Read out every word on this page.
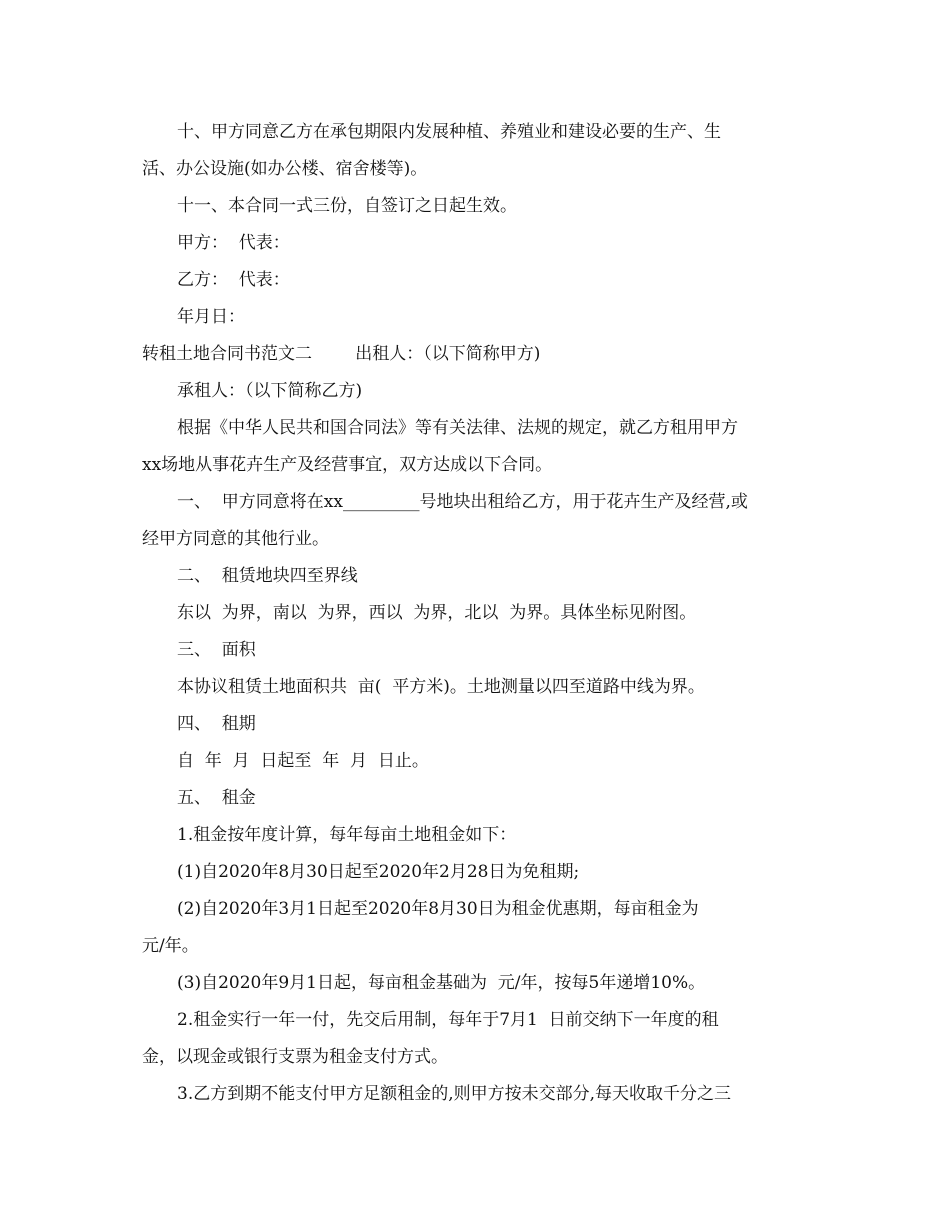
十、甲方同意乙方在承包期限内发展种植、养殖业和建设必要的生产、生
活、办公设施(如办公楼、宿舍楼等)。
十一、本合同一式三份，自签订之日起生效。
甲方：  代表：
乙方：  代表：
年月日：
转租土地合同书范文二        出租人：（以下简称甲方)
承租人：（以下简称乙方)
根据《中华人民共和国合同法》等有关法律、法规的规定，就乙方租用甲方
xx场地从事花卉生产及经营事宜，双方达成以下合同。
一、  甲方同意将在xx_________号地块出租给乙方，用于花卉生产及经营,或
经甲方同意的其他行业。
二、  租赁地块四至界线
东以  为界，南以  为界，西以  为界，北以  为界。具体坐标见附图。
三、  面积
本协议租赁土地面积共  亩(  平方米)。土地测量以四至道路中线为界。
四、  租期
自  年  月  日起至  年  月  日止。
五、  租金
1.租金按年度计算，每年每亩土地租金如下：
(1)自2020年8月30日起至2020年2月28日为免租期;
(2)自2020年3月1日起至2020年8月30日为租金优惠期，每亩租金为
元/年。
(3)自2020年9月1日起，每亩租金基础为  元/年，按每5年递增10%。
2.租金实行一年一付，先交后用制，每年于7月1  日前交纳下一年度的租
金，以现金或银行支票为租金支付方式。
3.乙方到期不能支付甲方足额租金的,则甲方按未交部分,每天收取千分之三
